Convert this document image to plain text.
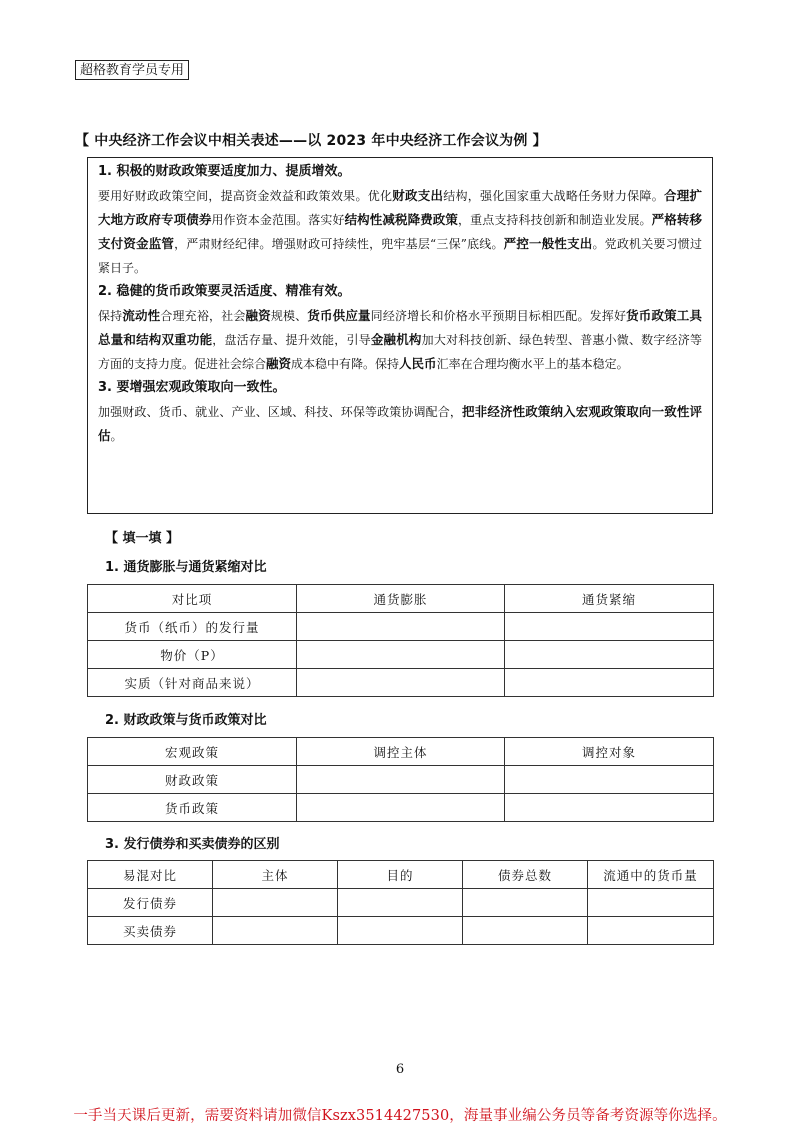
超格教育学员专用
【 中央经济工作会议中相关表述——以 2023 年中央经济工作会议为例 】

1. 积极的财政政策要适度加力、提质增效。

要用好财政政策空间，提高资金效益和政策效果。优化财政支出结构，强化国家重大战略任务财力保障。合理扩大地方政府专项债券用作资本金范围。落实好结构性减税降费政策，重点支持科技创新和制造业发展。严格转移支付资金监管，严肃财经纪律。增强财政可持续性，兜牢基层“三保”底线。严控一般性支出。党政机关要习惯过紧日子。

2. 稳健的货币政策要灵活适度、精准有效。

保持流动性合理充裕，社会融资规模、货币供应量同经济增长和价格水平预期目标相匹配。发挥好货币政策工具总量和结构双重功能，盘活存量、提升效能，引导金融机构加大对科技创新、绿色转型、普惠小微、数字经济等方面的支持力度。促进社会综合融资成本稳中有降。保持人民币汇率在合理均衡水平上的基本稳定。

3. 要增强宏观政策取向一致性。

加强财政、货币、就业、产业、区域、科技、环保等政策协调配合，把非经济性政策纳入宏观政策取向一致性评估。

【 填一填 】
1. 通货膨胀与通货紧缩对比
对比项	通货膨胀	通货紧缩
货币（纸币）的发行量		
物价（P）		
实质（针对商品来说）		
2. 财政政策与货币政策对比
宏观政策	调控主体	调控对象
财政政策		
货币政策		
3. 发行债券和买卖债券的区别
易混对比	主体	目的	债券总数	流通中的货币量
发行债券				
买卖债券				
6
一手当天课后更新，需要资料请加微信Kszx3514427530，海量事业编公务员等备考资源等你选择。
